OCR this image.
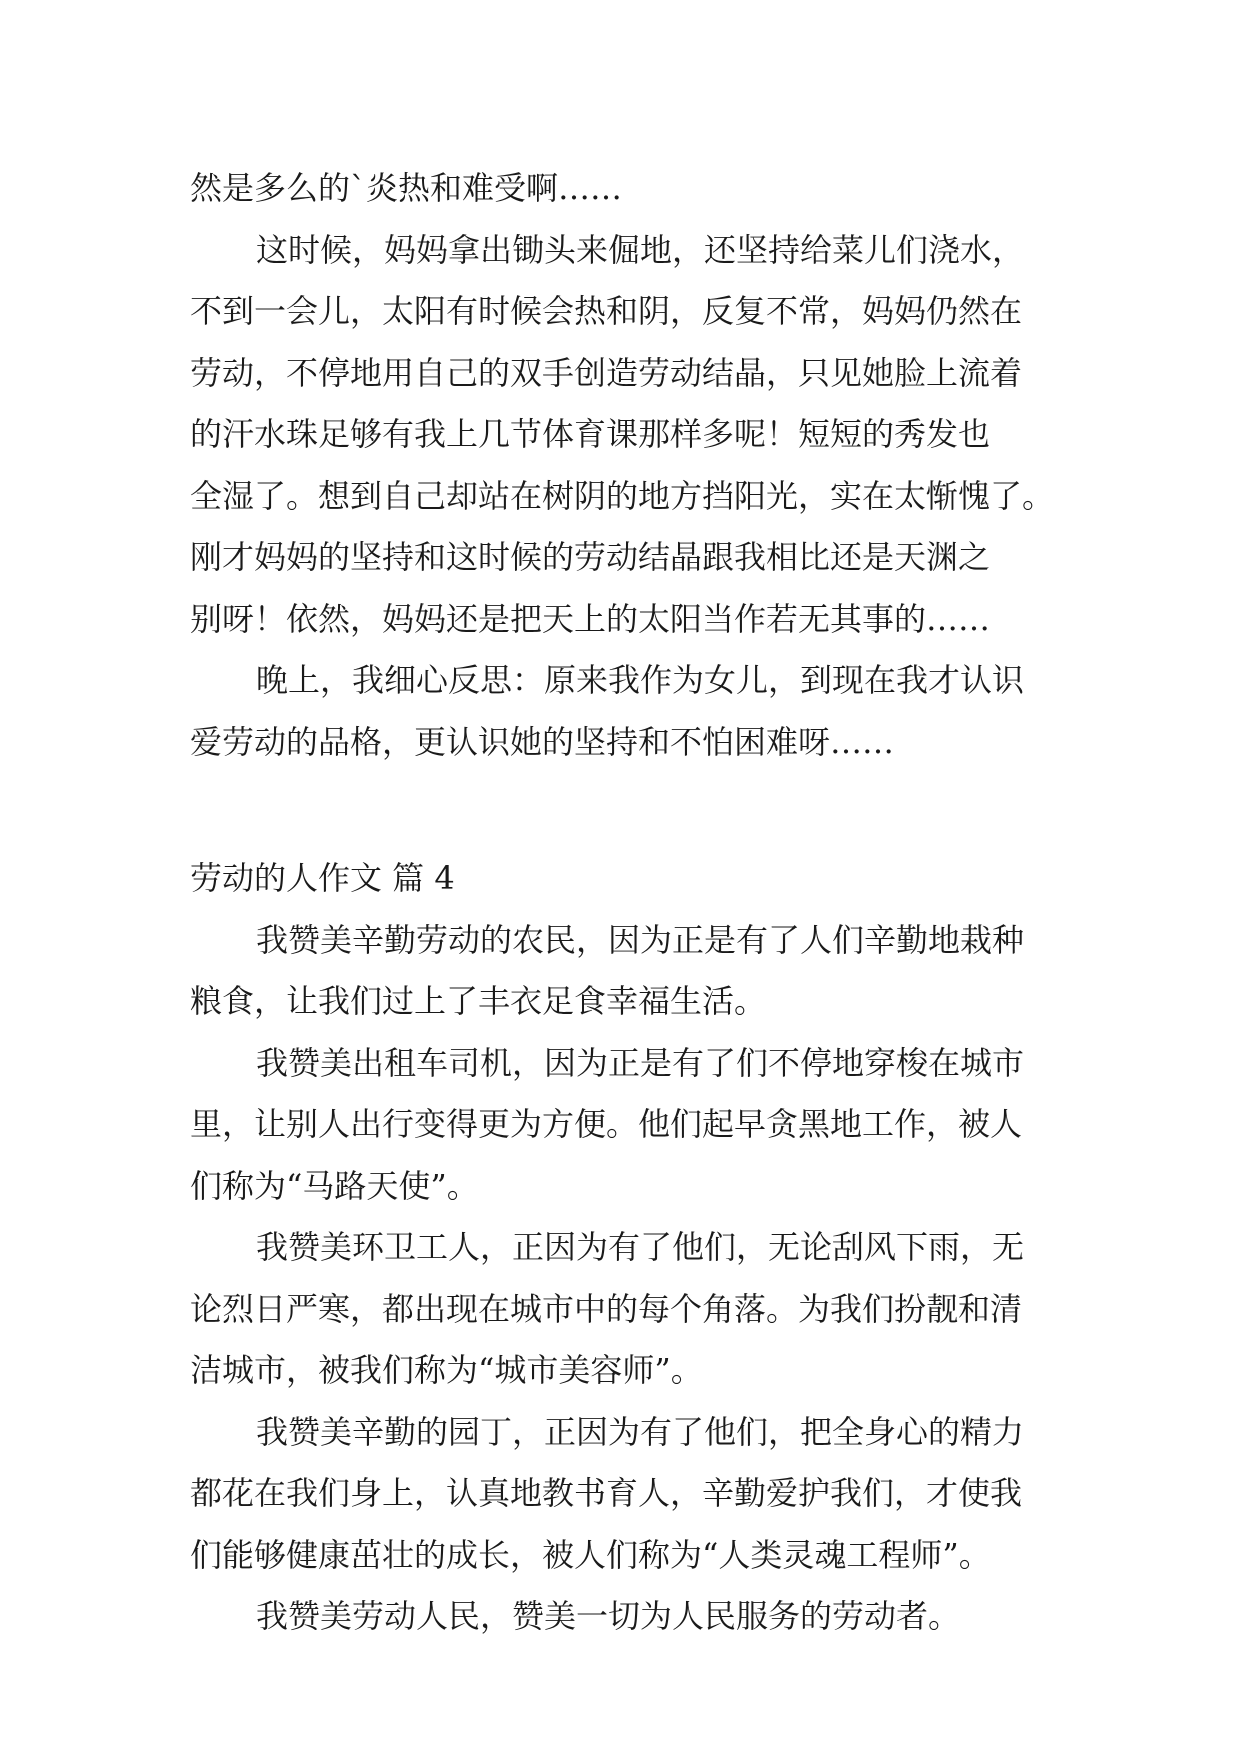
然是多么的`炎热和难受啊……
这时候，妈妈拿出锄头来倔地，还坚持给菜儿们浇水，
不到一会儿，太阳有时候会热和阴，反复不常，妈妈仍然在
劳动，不停地用自己的双手创造劳动结晶，只见她脸上流着
的汗水珠足够有我上几节体育课那样多呢！短短的秀发也
全湿了。想到自己却站在树阴的地方挡阳光，实在太惭愧了。
刚才妈妈的坚持和这时候的劳动结晶跟我相比还是天渊之
别呀！依然，妈妈还是把天上的太阳当作若无其事的……
晚上，我细心反思：原来我作为女儿，到现在我才认识
爱劳动的品格，更认识她的坚持和不怕困难呀……
劳动的人作文 篇 4
我赞美辛勤劳动的农民，因为正是有了人们辛勤地栽种
粮食，让我们过上了丰衣足食幸福生活。
我赞美出租车司机，因为正是有了们不停地穿梭在城市
里，让别人出行变得更为方便。他们起早贪黑地工作，被人
们称为“马路天使”。
我赞美环卫工人，正因为有了他们，无论刮风下雨，无
论烈日严寒，都出现在城市中的每个角落。为我们扮靓和清
洁城市，被我们称为“城市美容师”。
我赞美辛勤的园丁，正因为有了他们，把全身心的精力
都花在我们身上，认真地教书育人，辛勤爱护我们，才使我
们能够健康茁壮的成长，被人们称为“人类灵魂工程师”。
我赞美劳动人民，赞美一切为人民服务的劳动者。
